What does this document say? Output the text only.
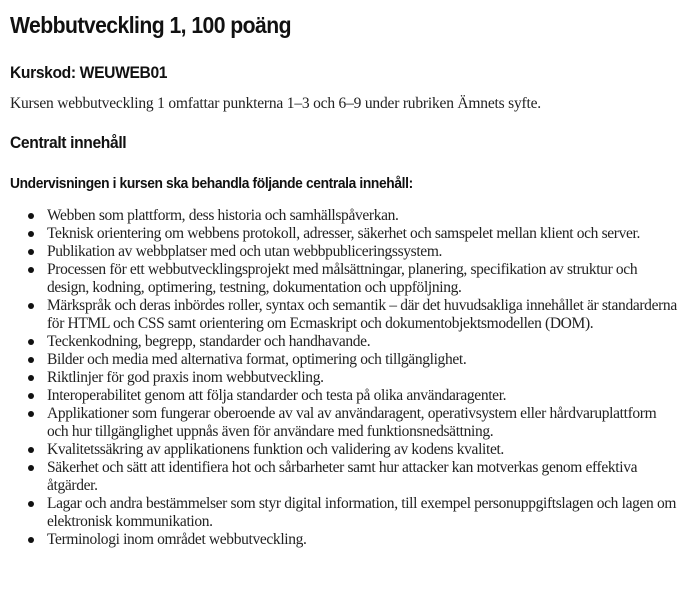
Webbutveckling 1, 100 poäng
Kurskod: WEUWEB01

Kursen webbutveckling 1 omfattar punkterna 1–3 och 6–9 under rubriken Ämnets syfte.

Centralt innehåll
Undervisningen i kursen ska behandla följande centrala innehåll:
Webben som plattform, dess historia och samhällspåverkan.
Teknisk orientering om webbens protokoll, adresser, säkerhet och samspelet mellan klient och server.
Publikation av webbplatser med och utan webbpubliceringssystem.
Processen för ett webbutvecklingsprojekt med målsättningar, planering, specifikation av struktur och design, kodning, optimering, testning, dokumentation och uppföljning.
Märkspråk och deras inbördes roller, syntax och semantik – där det huvudsakliga innehållet är standarderna för HTML och CSS samt orientering om Ecmaskript och dokumentobjektsmodellen (DOM).
Teckenkodning, begrepp, standarder och handhavande.
Bilder och media med alternativa format, optimering och tillgänglighet.
Riktlinjer för god praxis inom webbutveckling.
Interoperabilitet genom att följa standarder och testa på olika användaragenter.
Applikationer som fungerar oberoende av val av användaragent, operativsystem eller hårdvaruplattform och hur tillgänglighet uppnås även för användare med funktionsnedsättning.
Kvalitetssäkring av applikationens funktion och validering av kodens kvalitet.
Säkerhet och sätt att identifiera hot och sårbarheter samt hur attacker kan motverkas genom effektiva åtgärder.
Lagar och andra bestämmelser som styr digital information, till exempel personuppgiftslagen och lagen om elektronisk kommunikation.
Terminologi inom området webbutveckling.
